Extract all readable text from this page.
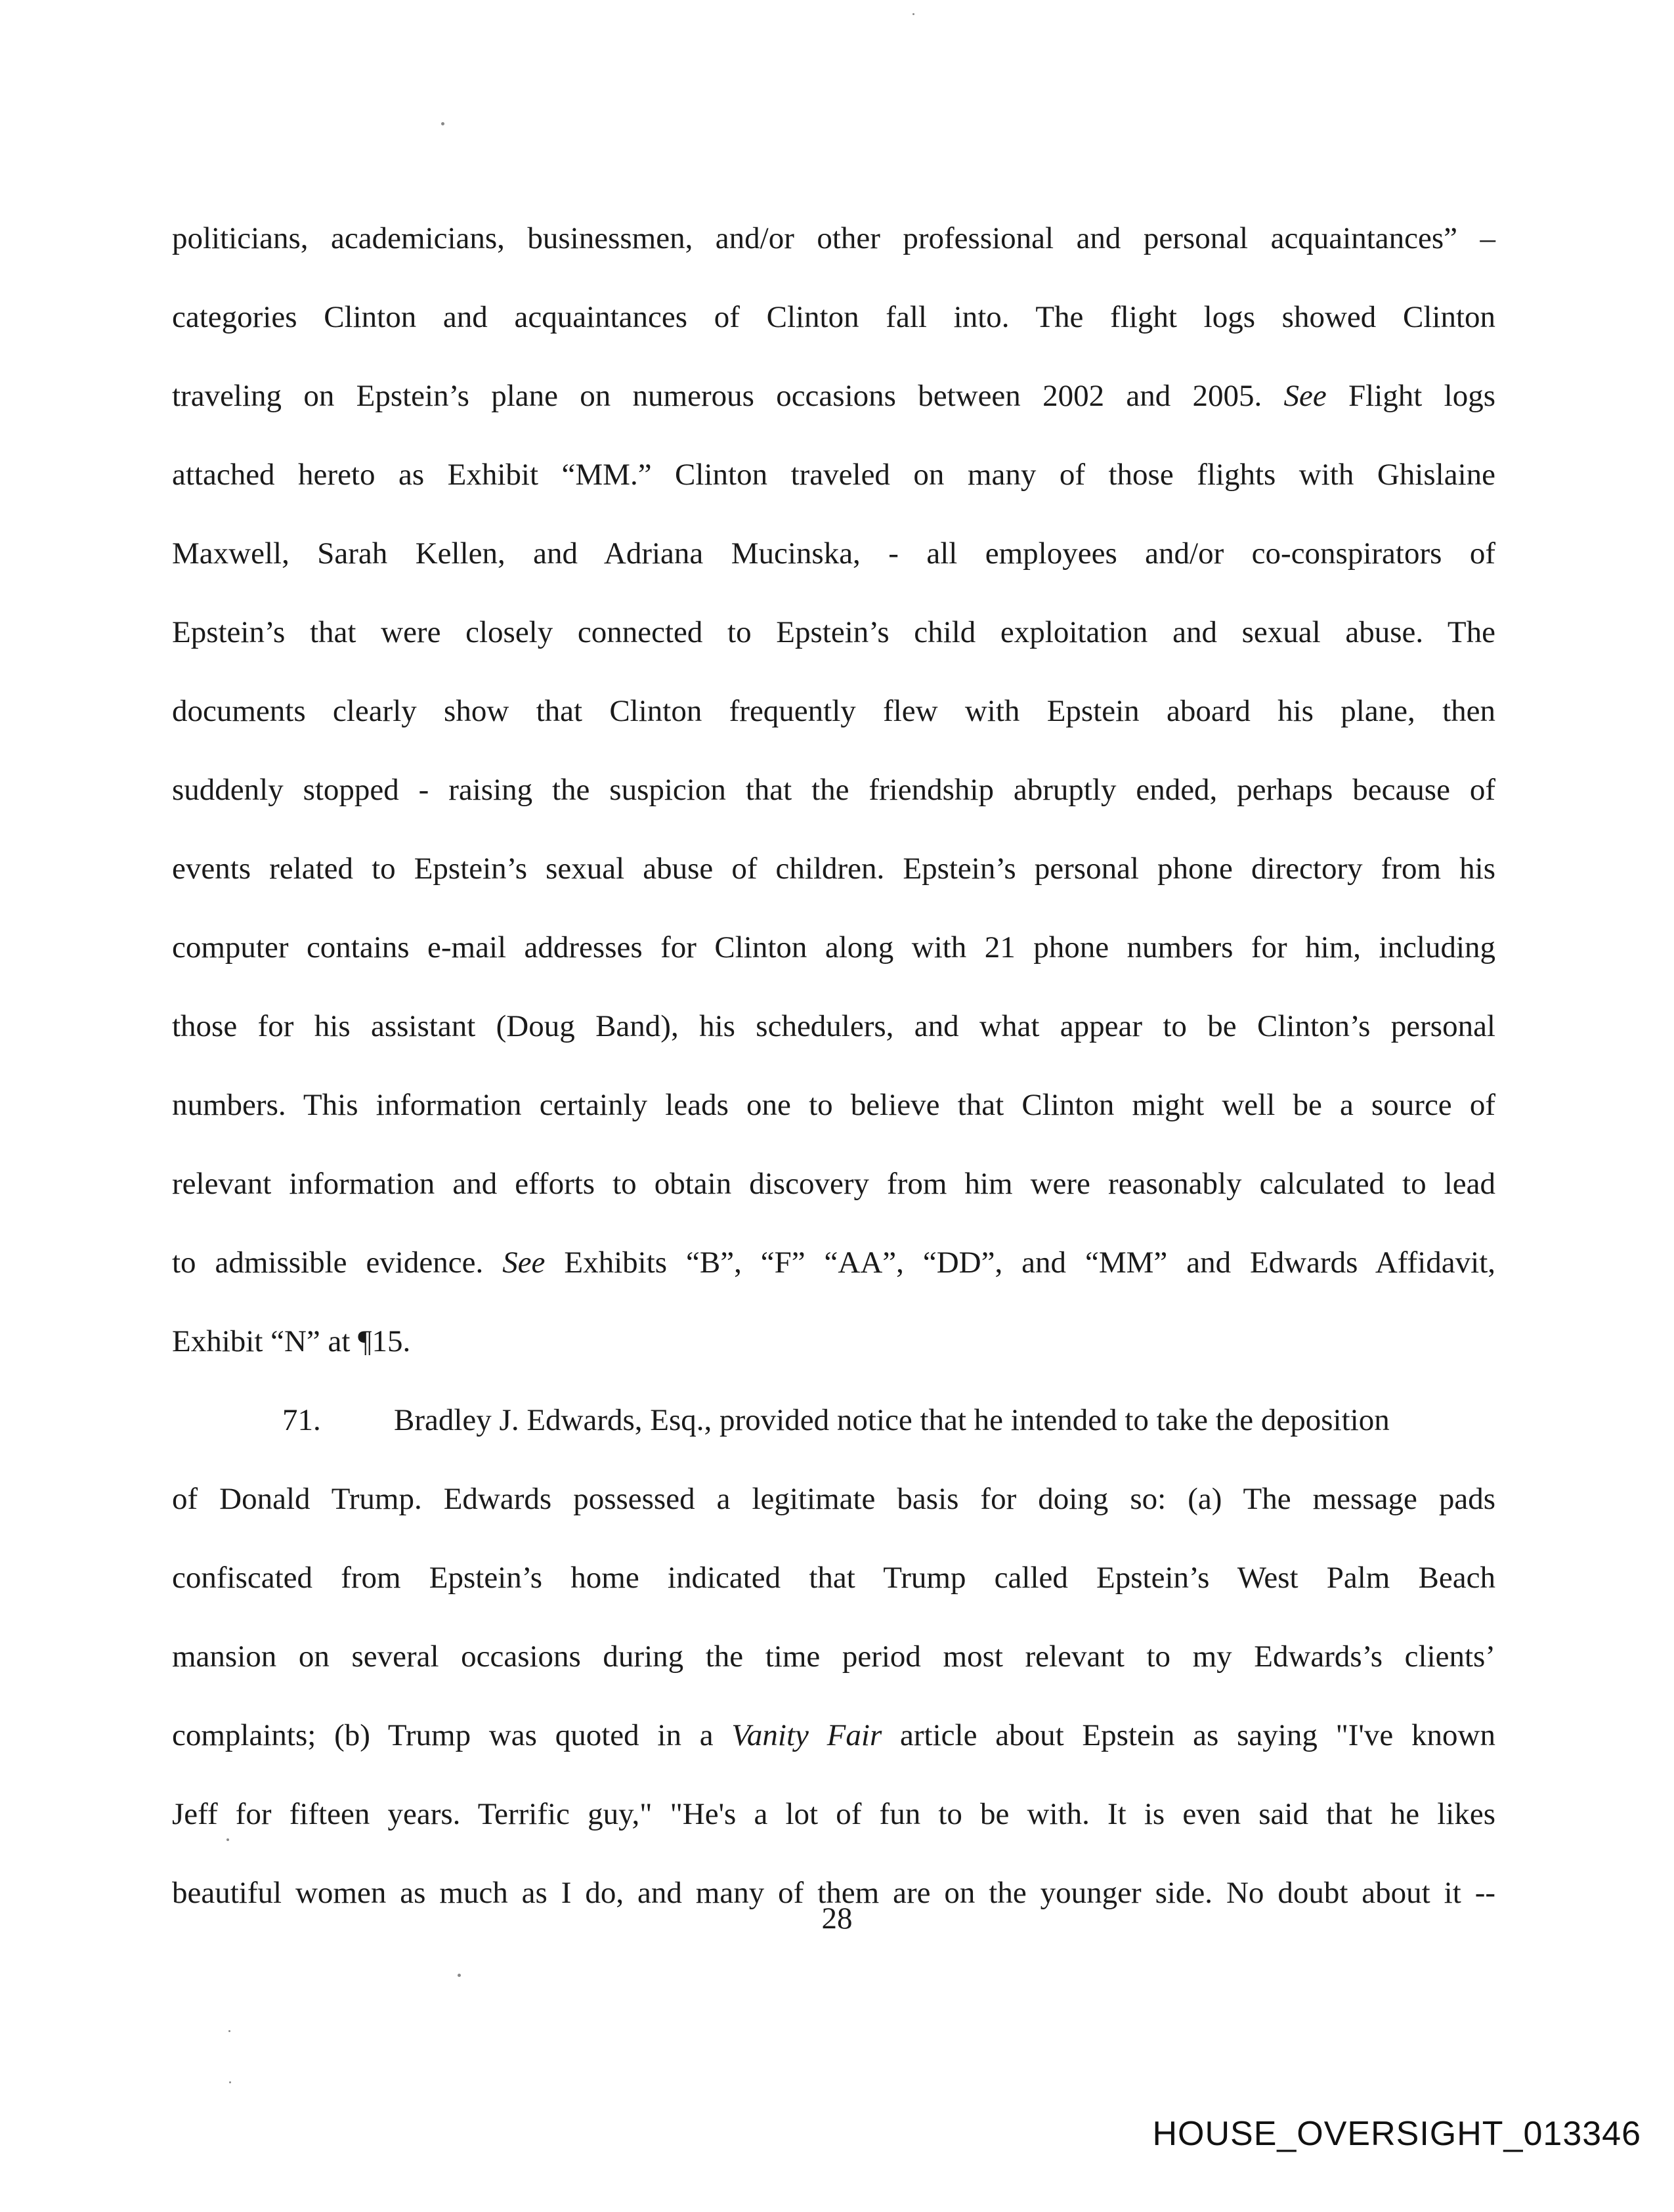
politicians, academicians, businessmen, and/or other professional and personal acquaintances” –
categories Clinton and acquaintances of Clinton fall into. The flight logs showed Clinton
traveling on Epstein’s plane on numerous occasions between 2002 and 2005. See Flight logs
attached hereto as Exhibit “MM.” Clinton traveled on many of those flights with Ghislaine
Maxwell, Sarah Kellen, and Adriana Mucinska, - all employees and/or co-conspirators of
Epstein’s that were closely connected to Epstein’s child exploitation and sexual abuse. The
documents clearly show that Clinton frequently flew with Epstein aboard his plane, then
suddenly stopped - raising the suspicion that the friendship abruptly ended, perhaps because of
events related to Epstein’s sexual abuse of children. Epstein’s personal phone directory from his
computer contains e-mail addresses for Clinton along with 21 phone numbers for him, including
those for his assistant (Doug Band), his schedulers, and what appear to be Clinton’s personal
numbers. This information certainly leads one to believe that Clinton might well be a source of
relevant information and efforts to obtain discovery from him were reasonably calculated to lead
to admissible evidence. See Exhibits “B”, “F” “AA”, “DD”, and “MM” and Edwards Affidavit,
Exhibit “N” at ¶15.
71. Bradley J. Edwards, Esq., provided notice that he intended to take the deposition
of Donald Trump. Edwards possessed a legitimate basis for doing so: (a) The message pads
confiscated from Epstein’s home indicated that Trump called Epstein’s West Palm Beach
mansion on several occasions during the time period most relevant to my Edwards’s clients’
complaints; (b) Trump was quoted in a Vanity Fair article about Epstein as saying "I've known
Jeff for fifteen years. Terrific guy," "He's a lot of fun to be with. It is even said that he likes
beautiful women as much as I do, and many of them are on the younger side. No doubt about it --
28
HOUSE_OVERSIGHT_013346
